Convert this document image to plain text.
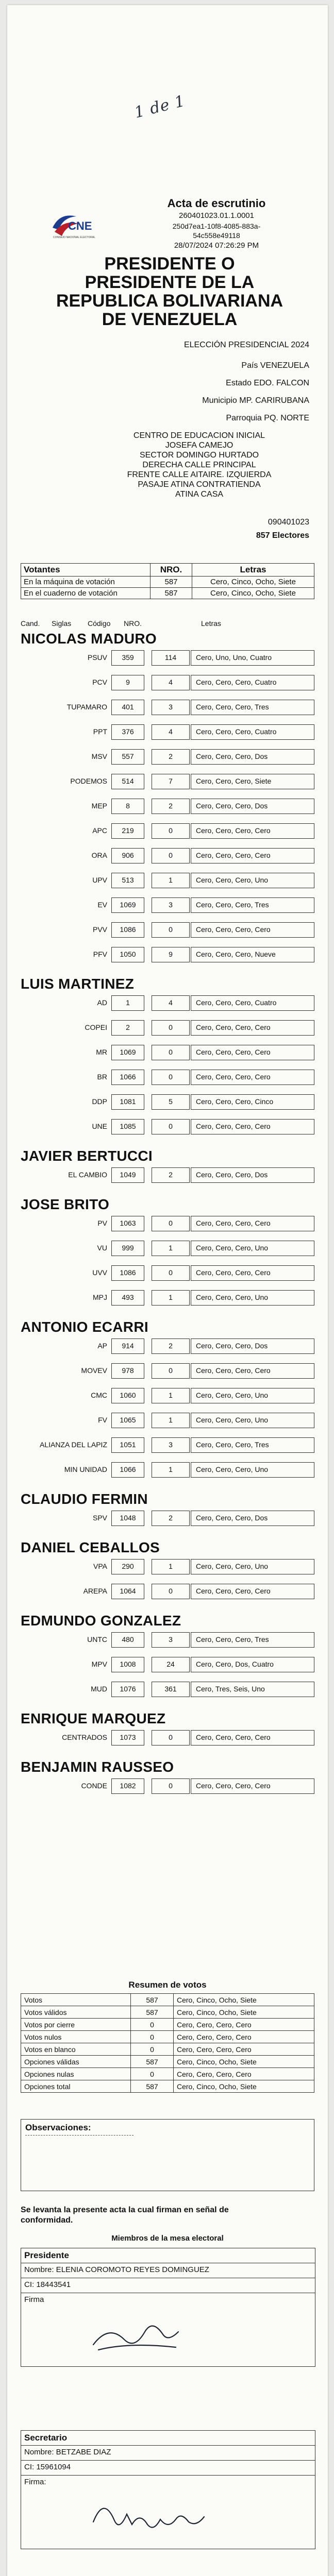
1 de 1
CNE
CONSEJO NACIONAL ELECTORAL
Acta de escrutinio
260401023.01.1.0001
250d7ea1-10f8-4085-883a-
54c558e49118
28/07/2024 07:26:29 PM
PRESIDENTE O PRESIDENTE DE LA REPUBLICA BOLIVARIANA DE VENEZUELA
ELECCIÓN PRESIDENCIAL 2024
País VENEZUELA
Estado EDO. FALCON
Municipio MP. CARIRUBANA
Parroquia PQ. NORTE
CENTRO DE EDUCACION INICIAL
JOSEFA CAMEJO
SECTOR DOMINGO HURTADO
DERECHA CALLE PRINCIPAL
FRENTE CALLE AITAIRE. IZQUIERDA
PASAJE ATINA CONTRATIENDA
ATINA CASA
090401023
857 Electores
Votantes	NRO.	Letras
En la máquina de votación	587	Cero, Cinco, Ocho, Siete
En el cuaderno de votación	587	Cero, Cinco, Ocho, Siete
Cand. Siglas Código NRO.	Letras
NICOLAS MADURO
PSUV	359	114	Cero, Uno, Uno, Cuatro
PCV	9	4	Cero, Cero, Cero, Cuatro
TUPAMARO	401	3	Cero, Cero, Cero, Tres
PPT	376	4	Cero, Cero, Cero, Cuatro
MSV	557	2	Cero, Cero, Cero, Dos
PODEMOS	514	7	Cero, Cero, Cero, Siete
MEP	8	2	Cero, Cero, Cero, Dos
APC	219	0	Cero, Cero, Cero, Cero
ORA	906	0	Cero, Cero, Cero, Cero
UPV	513	1	Cero, Cero, Cero, Uno
EV	1069	3	Cero, Cero, Cero, Tres
PVV	1086	0	Cero, Cero, Cero, Cero
PFV	1050	9	Cero, Cero, Cero, Nueve
LUIS MARTINEZ
AD	1	4	Cero, Cero, Cero, Cuatro
COPEI	2	0	Cero, Cero, Cero, Cero
MR	1069	0	Cero, Cero, Cero, Cero
BR	1066	0	Cero, Cero, Cero, Cero
DDP	1081	5	Cero, Cero, Cero, Cinco
UNE	1085	0	Cero, Cero, Cero, Cero
JAVIER BERTUCCI
EL CAMBIO	1049	2	Cero, Cero, Cero, Dos
JOSE BRITO
PV	1063	0	Cero, Cero, Cero, Cero
VU	999	1	Cero, Cero, Cero, Uno
UVV	1086	0	Cero, Cero, Cero, Cero
MPJ	493	1	Cero, Cero, Cero, Uno
ANTONIO ECARRI
AP	914	2	Cero, Cero, Cero, Dos
MOVEV	978	0	Cero, Cero, Cero, Cero
CMC	1060	1	Cero, Cero, Cero, Uno
FV	1065	1	Cero, Cero, Cero, Uno
ALIANZA DEL LAPIZ	1051	3	Cero, Cero, Cero, Tres
MIN UNIDAD	1066	1	Cero, Cero, Cero, Uno
CLAUDIO FERMIN
SPV	1048	2	Cero, Cero, Cero, Dos
DANIEL CEBALLOS
VPA	290	1	Cero, Cero, Cero, Uno
AREPA	1064	0	Cero, Cero, Cero, Cero
EDMUNDO GONZALEZ
UNTC	480	3	Cero, Cero, Cero, Tres
MPV	1008	24	Cero, Cero, Dos, Cuatro
MUD	1076	361	Cero, Tres, Seis, Uno
ENRIQUE MARQUEZ
CENTRADOS	1073	0	Cero, Cero, Cero, Cero
BENJAMIN RAUSSEO
CONDE	1082	0	Cero, Cero, Cero, Cero
Resumen de votos
Votos	587	Cero, Cinco, Ocho, Siete
Votos válidos	587	Cero, Cinco, Ocho, Siete
Votos por cierre	0	Cero, Cero, Cero, Cero
Votos nulos	0	Cero, Cero, Cero, Cero
Votos en blanco	0	Cero, Cero, Cero, Cero
Opciones válidas	587	Cero, Cinco, Ocho, Siete
Opciones nulas	0	Cero, Cero, Cero, Cero
Opciones total	587	Cero, Cinco, Ocho, Siete
Observaciones:
Se levanta la presente acta la cual firman en señal de conformidad.
Miembros de la mesa electoral
Presidente
Nombre: ELENIA COROMOTO REYES DOMINGUEZ
CI: 18443541
Firma
Secretario
Nombre: BETZABE DIAZ
CI: 15961094
Firma:
